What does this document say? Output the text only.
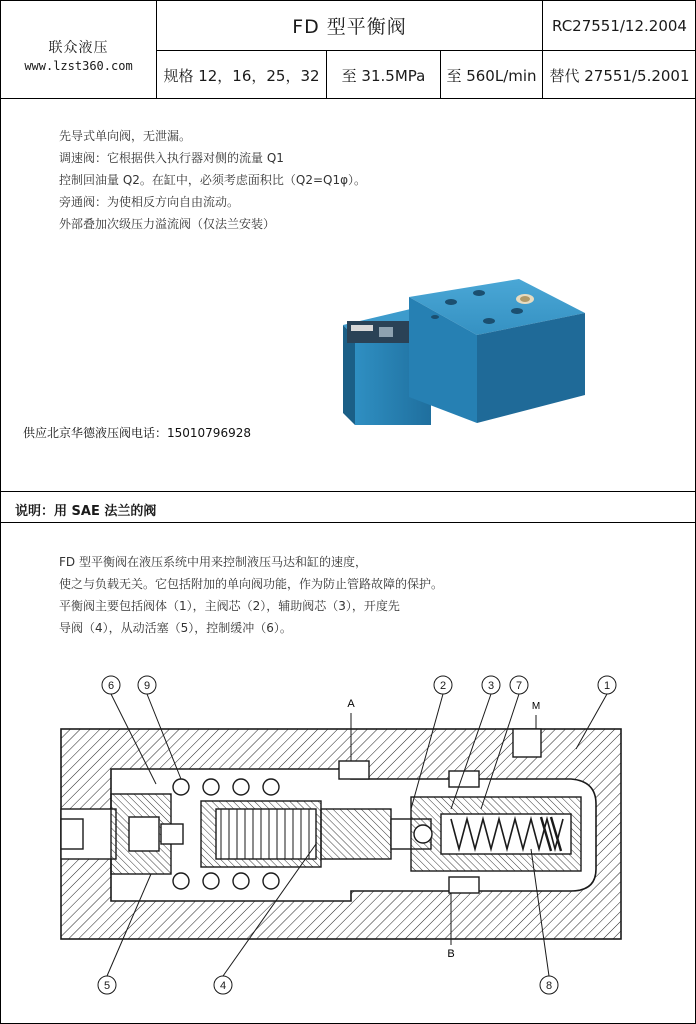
联众液压
www.lzst360.com
FD 型平衡阀	RC27551/12.2004
规格 12，16，25，32	至 31.5MPa	至 560L/min 替代 27551/5.2001
先导式单向阀，无泄漏。
调速阀：它根据供入执行器对侧的流量 Q1
控制回油量 Q2。在缸中，必须考虑面积比（Q2=Q1φ）。
旁通阀：为使相反方向自由流动。
外部叠加次级压力溢流阀（仅法兰安装）
供应北京华德液压阀电话：15010796928
说明：用 SAE 法兰的阀
FD 型平衡阀在液压系统中用来控制液压马达和缸的速度，
使之与负载无关。它包括附加的单向阀功能，作为防止管路故障的保护。
平衡阀主要包括阀体（1），主阀芯（2），辅助阀芯（3），开度先
导阀（4），从动活塞（5），控制缓冲（6）。
A
B
M
6	9	2	3 7	1
5	4	8
